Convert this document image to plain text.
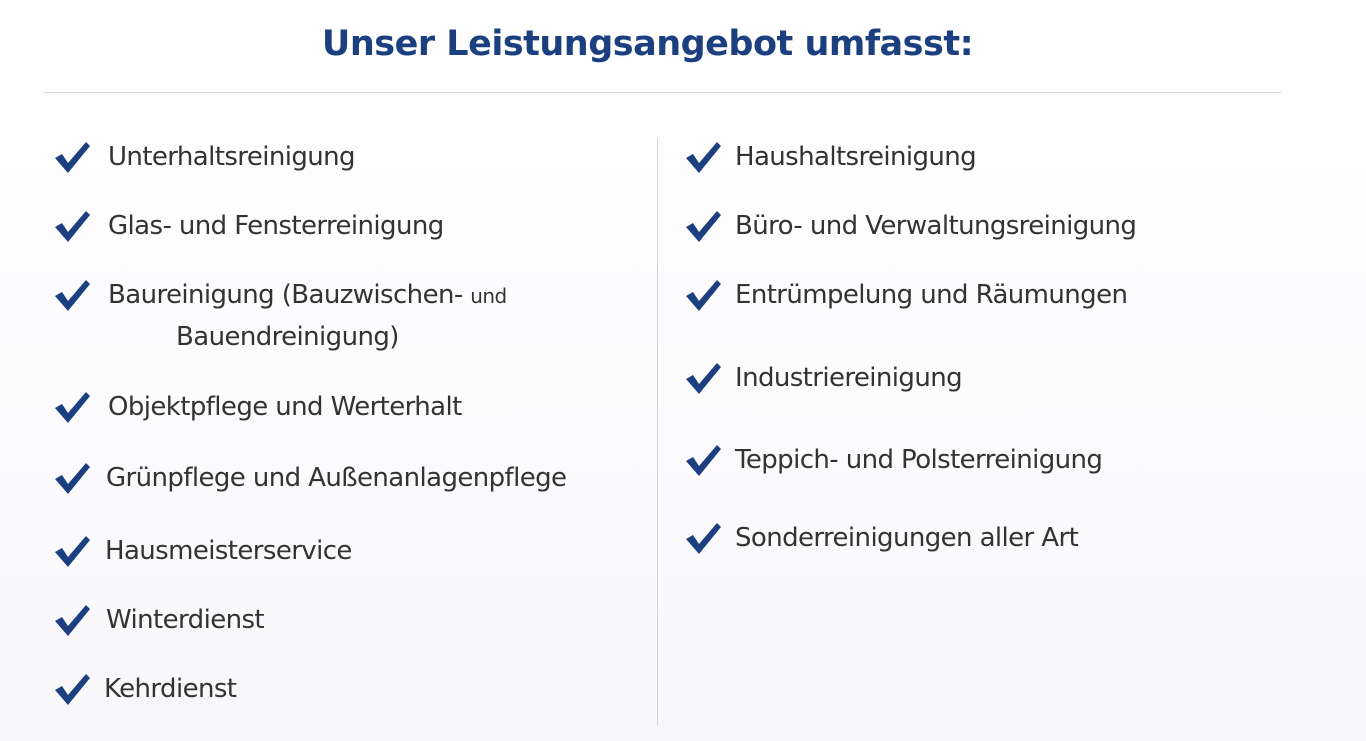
Unser Leistungsangebot umfasst:
Unterhaltsreinigung
Glas- und Fensterreinigung
Baureinigung (Bauzwischen- und
Bauendreinigung)
Objektpflege und Werterhalt
Grünpflege und Außenanlagenpflege
Hausmeisterservice
Winterdienst
Kehrdienst
Haushaltsreinigung
Büro- und Verwaltungsreinigung
Entrümpelung und Räumungen
Industriereinigung
Teppich- und Polsterreinigung
Sonderreinigungen aller Art
